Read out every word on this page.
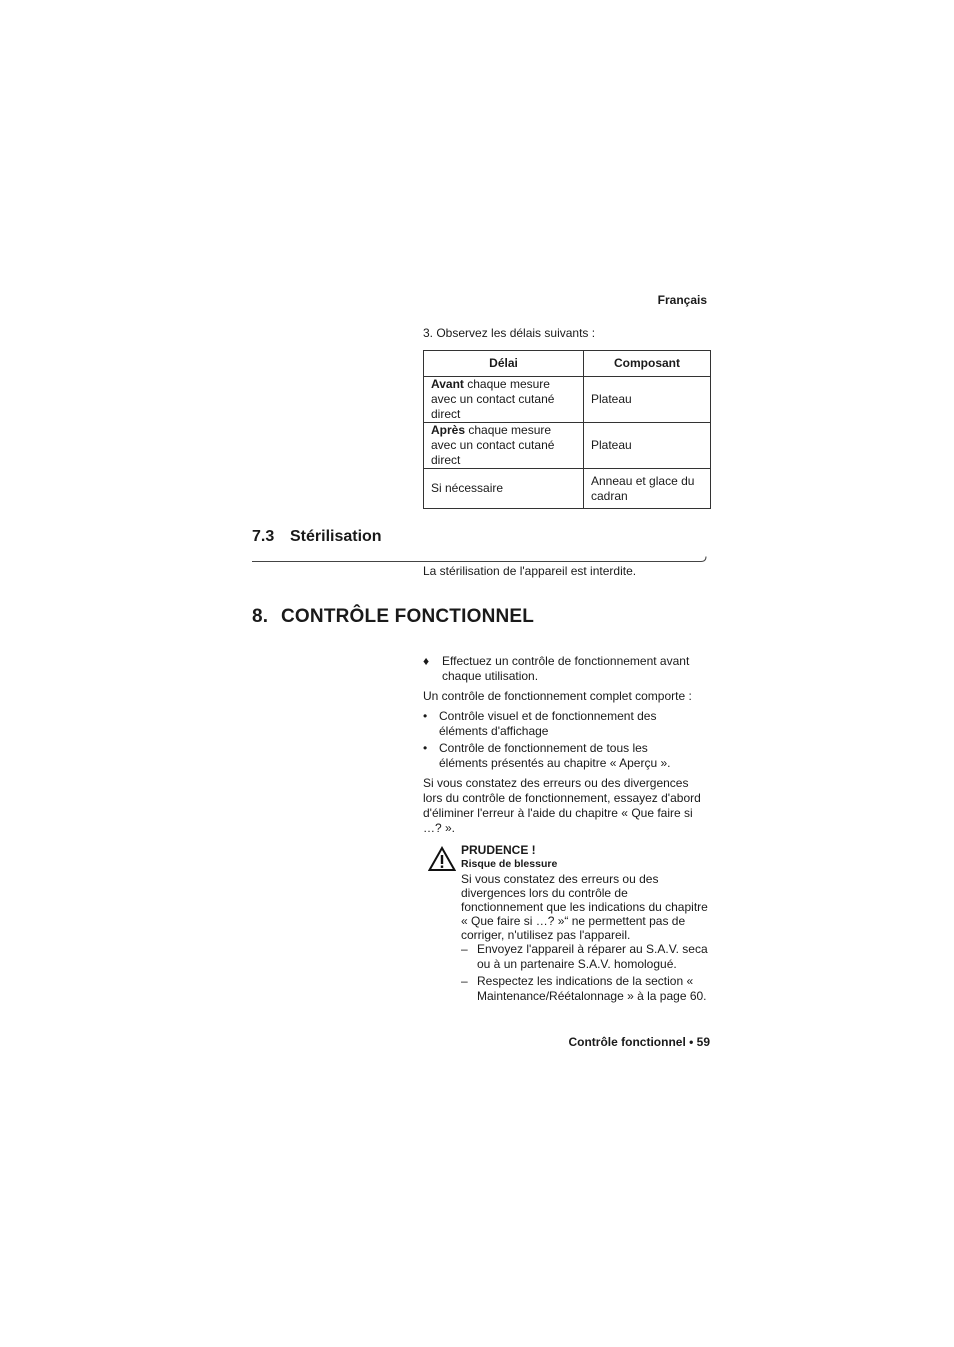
Français
3. Observez les délais suivants :
Délai	Composant
Avant chaque mesure avec un contact cutané direct	Plateau
Après chaque mesure avec un contact cutané direct	Plateau
Si nécessaire	Anneau et glace du cadran
7.3 Stérilisation
La stérilisation de l'appareil est interdite.
8. CONTRÔLE FONCTIONNEL
♦ Effectuez un contrôle de fonctionnement avant chaque utilisation.
Un contrôle de fonctionnement complet comporte :
• Contrôle visuel et de fonctionnement des éléments d'affichage
• Contrôle de fonctionnement de tous les éléments présentés au chapitre « Aperçu ».
Si vous constatez des erreurs ou des divergences lors du contrôle de fonctionnement, essayez d'abord d'éliminer l'erreur à l'aide du chapitre « Que faire si …? ».
PRUDENCE !
Risque de blessure
Si vous constatez des erreurs ou des divergences lors du contrôle de fonctionnement que les indications du chapitre « Que faire si …? »“ ne permettent pas de corriger, n'utilisez pas l'appareil.
– Envoyez l'appareil à réparer au S.A.V. seca ou à un partenaire S.A.V. homologué.
– Respectez les indications de la section « Maintenance/Réétalonnage » à la page 60.
Contrôle fonctionnel • 59
